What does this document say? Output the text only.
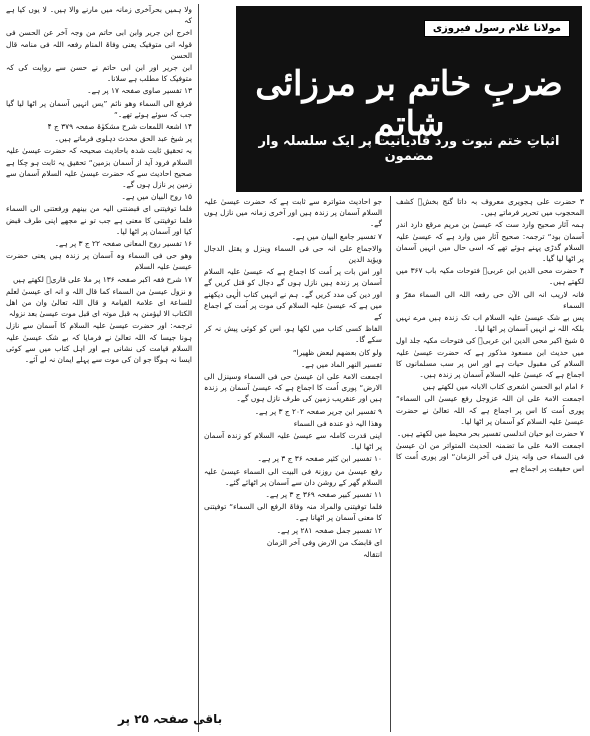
ولا ہمیں بحرآخری زمانہ میں مارنے والا ہیں۔ لا یوں کیا ہے کہ

اخرج ابن جریر وابن ابی حاتم من وجہ آخر عن الحسن فی قولہ انی متوفیک یعنی وفاۃ المنام رفعہ اللہ فی منامہ قال الحسن

ابن جریر اور ابن ابی حاتم نے حسن سے روایت کی کہ متوفیک کا مطلب ہے سلانا۔

۱۳ تفسیر صاوی صفحہ ۱۷ پر ہے۔

فرفع الی السماء وھو نائم ”یس انہیں آسمان پر اٹھا لیا گیا جب کہ سوئے ہوئے تھے۔“

۱۴ اشعۃ اللمعات شرح مشکوٰۃ صفحہ ۳۷۹ ج ۴

پر شیخ عبد الحق محدث دہلوی فرماتے ہیں۔

بہ تحقیق ثابت شدہ باحادیث صحیحہ کہ حضرت عیسیٰ علیہ السلام فرود آید از آسمان بزمین“ تحقیق یہ ثابت ہو چکا ہے صحیح احادیث سے کہ حضرت عیسیٰ علیہ السلام آسمان سے زمین پر نازل ہوں گے۔

۱۵ روح البیان میں ہے۔

فلما توفیتنی ای قبضتنی الیہ من بینھم ورفعتنی الی السماء فلما توفیتنی کا معنی ہے جب تو نے مجھے اپنی طرف قبض کیا اور آسمان پر اٹھا لیا۔

۱۶ تفسیر روح المعانی صفحہ ۲۲ ج ۳ پر ہے۔

وھو حی فی السماء وہ آسمان پر زندہ ہیں یعنی حضرت عیسیٰ علیہ السلام

۱۷ شرح فقہ اکبر صفحہ ۱۳۶ پر ملا علی قاریؒ لکھتے ہیں

و نزول عیسیٰ من السماء کما قال اللہ و انہ ای عیسیٰ لعلم للساعۃ ای علامۃ القیامۃ و قال اللہ تعالیٰ وان من اھل الکتاب الا لیؤمنن بہ قبل موتہ ای قبل موت عیسیٰ بعد نزولہ

ترجمہ: اور حضرت عیسیٰ علیہ السلام کا آسمان سے نازل ہونا جیسا کہ اللہ تعالیٰ نے فرمایا کہ بے شک عیسیٰ علیہ السلام قیامت کی نشانی ہے اور اہل کتاب میں سے کوئی ایسا نہ ہوگا جو ان کی موت سے پہلے ایمان نہ لے آئے۔

جو احادیث متواترہ سے ثابت ہے کہ حضرت عیسیٰ علیہ السلام آسمان پر زندہ ہیں اور آخری زمانہ میں نازل ہوں گے۔

۷ تفسیر جامع البیان میں ہے۔

والاجماع علی انہ حی فی السماء وینزل و یقتل الدجال ویؤید الدین

اور اس بات پر اُمت کا اجماع ہے کہ عیسیٰ علیہ السلام آسمان پر زندہ ہیں نازل ہوں گے دجال کو قتل کریں گے اور دین کی مدد کریں گے۔ ہم نے انہیں کتاب الٰہی دیکھنے میں ہے کہ عیسیٰ علیہ السلام کی موت پر اُمت کے اجماع کے

الفاظ کسی کتاب میں لکھا ہو، اس کو کوئی پیش نہ کر سکے گا۔

ولو کان بعضھم لبعض ظھیرا“

تفسیر النھر الماد میں ہے۔

اجمعت الامۃ علی ان عیسیٰ حی فی السماء وسینزل الی الارض“ پوری اُمت کا اجماع ہے کہ عیسیٰ آسمان پر زندہ ہیں اور عنقریب زمین کی طرف نازل ہوں گے۔

۹ تفسیر ابن جریر صفحہ ۲۰۲ ج ۳ پر ہے۔

وھذا الیہ ذو عندہ فی السماء

اپنی قدرت کاملہ سے عیسیٰ علیہ السلام کو زندہ آسمان پر اٹھا لیا۔

۱۰ تفسیر ابن کثیر صفحہ ۳۶ ج ۳ پر ہے۔

رفع عیسیٰ من روزنۃ فی البیت الی السماء عیسیٰ علیہ السلام گھر کے روشن دان سے آسمان پر اٹھائے گئے۔

۱۱ تفسیر کبیر صفحہ ۳۶۹ ج ۳ پر ہے۔

فلما توفیتنی والمراد منہ وفاۃ الرفع الی السماء“ توفیتنی کا معنی آسمان پر اٹھانا ہے۔

۱۲ تفسیر جمل صفحہ ۲۸۱ پر ہے۔

ای قابضک من الارض وفی آخر الزمان

انتقالہ

۳ حضرت علی ہجویری معروف بہ داتا گنج بخشؒ کشف المحجوب میں تحریر فرماتے ہیں۔

ہمہ آثار صحیح وارد ست کہ عیسیٰ بن مریم مرقع دارد اندر آسمان بود“ ترجمہ: صحیح آثار میں وارد ہے کہ عیسیٰ علیہ السلام گدڑی پہنے ہوئے تھے کہ اسی حال میں انہیں آسمان پر اٹھا لیا گیا۔

۴ حضرت محی الدین ابن عربیؒ فتوحات مکیہ باب ۳۶۷ میں لکھتے ہیں۔

فانہ لاریب انہ الی الآن حی رفعہ اللہ الی السماء مقرّ و السماء

پس بے شک عیسیٰ علیہ السلام اب تک زندہ ہیں مرے نہیں بلکہ اللہ نے انہیں آسمان پر اٹھا لیا۔

۵ شیخ اکبر محی الدین ابن عربیؒ کی فتوحات مکیہ جلد اول میں حدیث ابن مسعود مذکور ہے کہ حضرت عیسیٰ علیہ السلام کی مقبول حیات ہے اور اس پر سب مسلمانوں کا اجماع ہے کہ عیسیٰ علیہ السلام آسمان پر زندہ ہیں۔

۶ امام ابو الحسن اشعری کتاب الابانہ میں لکھتے ہیں

اجمعت الامۃ علی ان اللہ عزوجل رفع عیسیٰ الی السماء“ پوری اُمت کا اس پر اجماع ہے کہ اللہ تعالیٰ نے حضرت عیسیٰ علیہ السلام کو آسمان پر اٹھا لیا۔

۷ حضرت ابو حیان اندلسی تفسیر بحر محیط میں لکھتے ہیں۔

اجمعت الامۃ علی ما تضمنہ الحدیث المتواتر من ان عیسیٰ فی السماء حی وانہ ینزل فی آخر الزمان“ اور پوری اُمت کا اس حقیقت پر اجماع ہے

مولانا غلام رسول فیروزی
ضربِ خاتم بر مرزائی شاتم
اثباتِ ختم نبوت ورد قادیانیت پر ایک سلسلہ وار مضمون
باقی صفحہ ۲۵ پر
